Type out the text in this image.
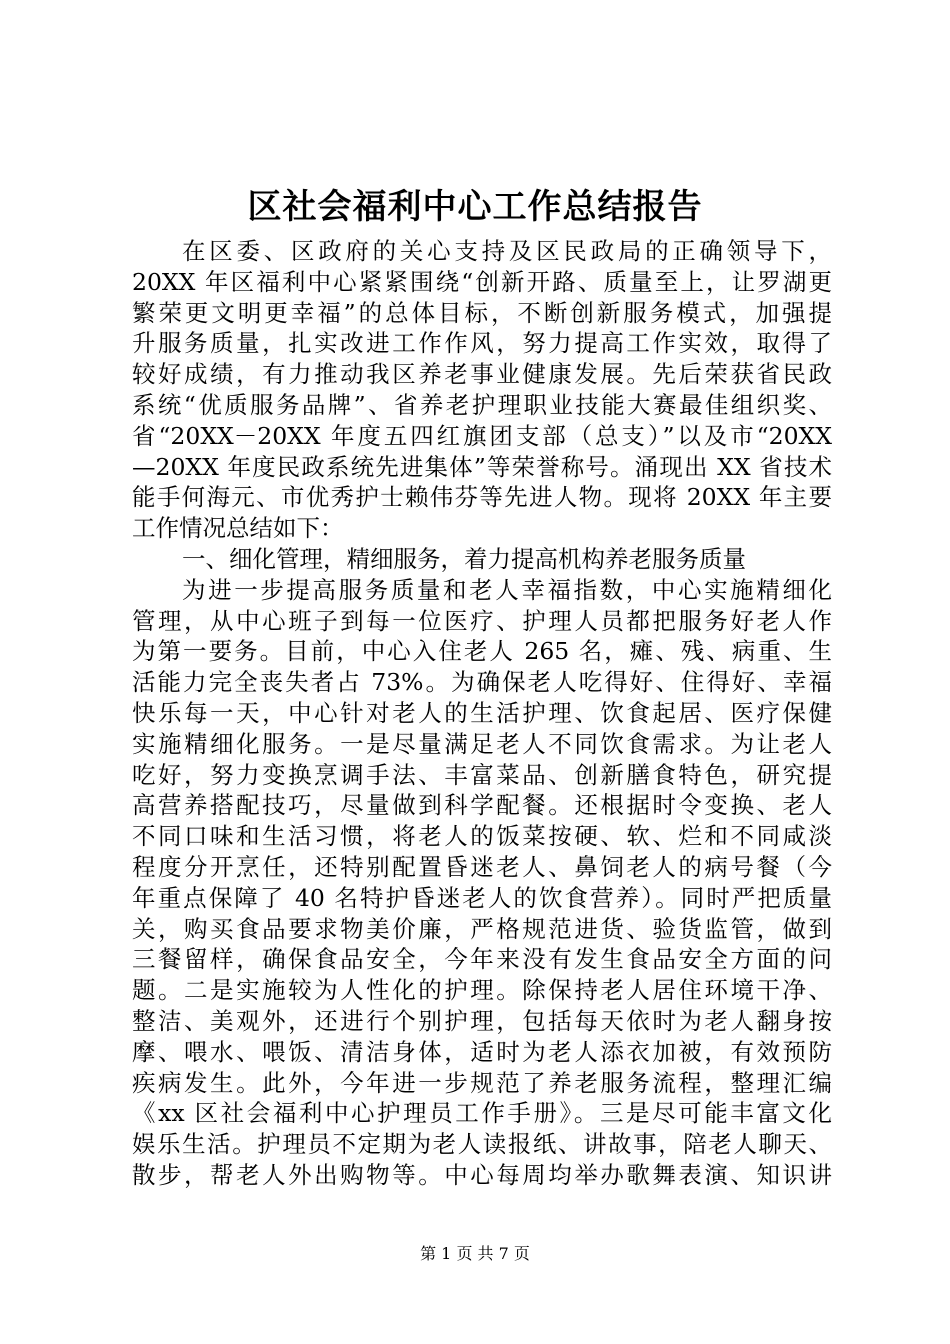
区社会福利中心工作总结报告
在区委、区政府的关心支持及区民政局的正确领导下，
20XX 年区福利中心紧紧围绕“创新开路、质量至上，让罗湖更
繁荣更文明更幸福”的总体目标，不断创新服务模式，加强提
升服务质量，扎实改进工作作风，努力提高工作实效，取得了
较好成绩，有力推动我区养老事业健康发展。先后荣获省民政
系统“优质服务品牌”、省养老护理职业技能大赛最佳组织奖、
省“20XX－20XX 年度五四红旗团支部（总支）”以及市“20XX
—20XX 年度民政系统先进集体”等荣誉称号。涌现出 XX 省技术
能手何海元、市优秀护士赖伟芬等先进人物。现将 20XX 年主要
工作情况总结如下：
一、细化管理，精细服务，着力提高机构养老服务质量
为进一步提高服务质量和老人幸福指数，中心实施精细化
管理，从中心班子到每一位医疗、护理人员都把服务好老人作
为第一要务。目前，中心入住老人 265 名，瘫、残、病重、生
活能力完全丧失者占 73%。为确保老人吃得好、住得好、幸福
快乐每一天，中心针对老人的生活护理、饮食起居、医疗保健
实施精细化服务。一是尽量满足老人不同饮食需求。为让老人
吃好，努力变换烹调手法、丰富菜品、创新膳食特色，研究提
高营养搭配技巧，尽量做到科学配餐。还根据时令变换、老人
不同口味和生活习惯，将老人的饭菜按硬、软、烂和不同咸淡
程度分开烹任，还特别配置昏迷老人、鼻饲老人的病号餐（今
年重点保障了 40 名特护昏迷老人的饮食营养）。同时严把质量
关，购买食品要求物美价廉，严格规范进货、验货监管，做到
三餐留样，确保食品安全，今年来没有发生食品安全方面的问
题。二是实施较为人性化的护理。除保持老人居住环境干净、
整洁、美观外，还进行个别护理，包括每天依时为老人翻身按
摩、喂水、喂饭、清洁身体，适时为老人添衣加被，有效预防
疾病发生。此外，今年进一步规范了养老服务流程，整理汇编
《xx 区社会福利中心护理员工作手册》。三是尽可能丰富文化
娱乐生活。护理员不定期为老人读报纸、讲故事，陪老人聊天、
散步，帮老人外出购物等。中心每周均举办歌舞表演、知识讲
第 1 页 共 7 页
